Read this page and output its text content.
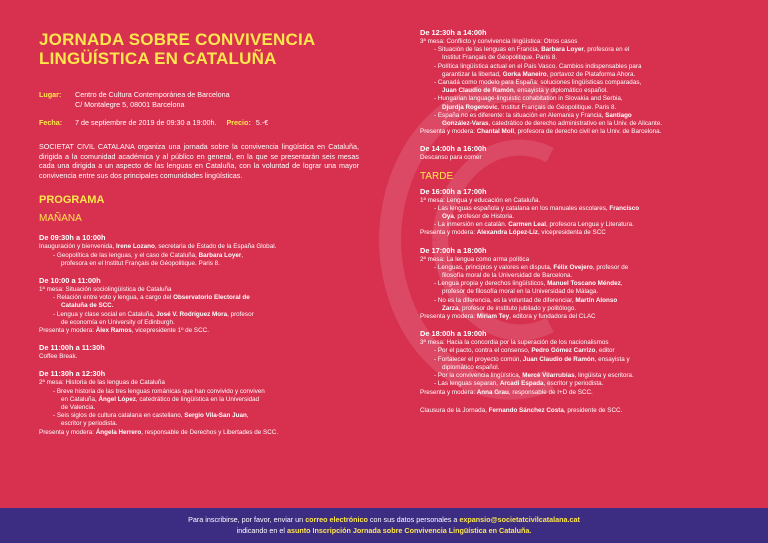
JORNADA SOBRE CONVIVENCIA
LINGÜÍSTICA EN CATALUÑA
Lugar:	Centro de Cultura Contemporánea de Barcelona
C/ Montalegre 5, 08001 Barcelona
Fecha:	7 de septiembre de 2019 de 09:30 a 19:00h. Precio: 5.-€
SOCIETAT CIVIL CATALANA organiza una jornada sobre la convivencia lingüística en Cataluña, dirigida a la comunidad académica y al público en general, en la que se presentarán seis mesas cada una dirigida a un aspecto de las lenguas en Cataluña, con la voluntad de lograr una mayor convivencia entre sus dos principales comunidades lingüísticas.
PROGRAMA
MAÑANA
De 09:30h a 10:00h
Inauguración y bienvenida, Irene Lozano, secretaria de Estado de la España Global.
- Geopolítica de las lenguas, y el caso de Cataluña, Barbara Loyer,
profesora en el Institut Français de Géopolitique. Paris 8.
De 10:00 a 11:00h
1ª mesa: Situación sociolingüística de Cataluña
- Relación entre voto y lengua, a cargo del Observatorio Electoral de
Cataluña de SCC.
- Lengua y clase social en Cataluña, José V. Rodríguez Mora, profesor
de economía en University of Edinburgh.
Presenta y modera: Àlex Ramos, vicepresidente 1º de SCC.
De 11:00h a 11:30h
Coffee Break.
De 11:30h a 12:30h
2ª mesa: Historia de las lenguas de Cataluña
- Breve historia de las tres lenguas románicas que han convivido y conviven
en Cataluña, Ángel López, catedrático de lingüística en la Universidad
de Valencia.
- Seis siglos de cultura catalana en castellano, Sergio Vila-San Juan,
escritor y periodista.
Presenta y modera: Ángela Herrero, responsable de Derechos y Libertades de SCC.
De 12:30h a 14:00h
3ª mesa: Conflicto y convivencia lingüística: Otros casos
- Situación de las lenguas en Francia, Barbara Loyer, profesora en el
Institut Français de Géopolitique. Paris 8.
- Política lingüística actual en el País Vasco. Cambios indispensables para
garantizar la libertad, Gorka Maneiro, portavoz de Plataforma Ahora.
- Canadá como modelo para España: soluciones lingüísticas comparadas,
Juan Claudio de Ramón, ensayista y diplomático español.
- Hungarian language-linguistic cohabitation in Slovakia and Serbia,
Djurdja Rogenovic, Institut Français de Géopolitique. Paris 8.
- España no es diferente: la situación en Alemania y Francia, Santiago
González-Varas, catedrático de derecho administrativo en la Univ. de Alicante.
Presenta y modera: Chantal Moll, profesora de derecho civil en la Univ. de Barcelona.
De 14:00h a 16:00h
Descanso para comer
TARDE
De 16:00h a 17:00h
1ª mesa: Lengua y educación en Cataluña.
- Las lenguas española y catalana en los manuales escolares, Francisco
Oya, profesor de Historia.
- La inmersión en catalán. Carmen Leal, profesora Lengua y Literatura.
Presenta y modera: Alexandra López-Liz, vicepresidenta de SCC
De 17:00h a 18:00h
2ª mesa: La lengua como arma política
- Lenguas, principios y valores en disputa, Félix Ovejero, profesor de
filosofía moral de la Universidad de Barcelona.
- Lengua propia y derechos lingüísticos, Manuel Toscano Méndez,
profesor de filosofía moral en la Universidad de Málaga.
- No es la diferencia, es la voluntad de diferenciar, Martín Alonso
Zarza, profesor de instituto jubilado y politólogo.
Presenta y modera: Miriam Tey, editora y fundadora del CLAC
De 18:00h a 19:00h
3ª mesa: Hacia la concordia por la superación de los nacionalismos
- Por el pacto, contra el consenso, Pedro Gómez Carrizo, editor
- Fortalecer el proyecto común, Juan Claudio de Ramón, ensayista y
diplomático español.
- Por la convivencia lingüística, Mercè Vilarrubias, lingüista y escritora.
- Las lenguas separan, Arcadi Espada, escritor y periodista.
Presenta y modera: Anna Grau, responsable de I+D de SCC.
Clausura de la Jornada, Fernando Sánchez Costa, presidente de SCC.
Para inscribirse, por favor, enviar un correo electrónico con sus datos personales a expansio@societatcivilcatalana.cat
indicando en el asunto Inscripción Jornada sobre Convivencia Lingüística en Cataluña.
